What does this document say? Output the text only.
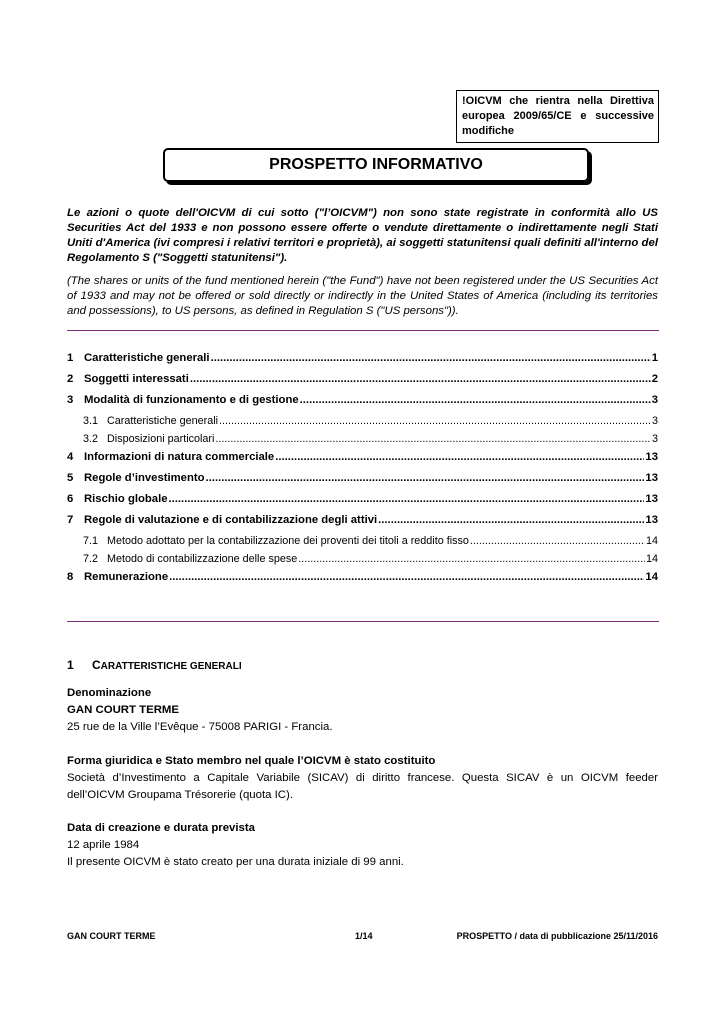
!OICVM che rientra nella Direttiva europea 2009/65/CE e successive modifiche
PROSPETTO INFORMATIVO
Le azioni o quote dell'OICVM di cui sotto ("l’OICVM") non sono state registrate in conformità allo US Securities Act del 1933 e non possono essere offerte o vendute direttamente o indirettamente negli Stati Uniti d'America (ivi compresi i relativi territori e proprietà), ai soggetti statunitensi quali definiti all'interno del Regolamento S ("Soggetti statunitensi").
(The shares or units of the fund mentioned herein ("the Fund") have not been registered under the US Securities Act of 1933 and may not be offered or sold directly or indirectly in the United States of America (including its territories and possessions), to US persons, as defined in Regulation S ("US persons")).
1 Caratteristiche generali .....	1
2 Soggetti interessati .....	2
3 Modalità di funzionamento e di gestione .....	3
3.1 Caratteristiche generali .....	3
3.2 Disposizioni particolari .....	3
4 Informazioni di natura commerciale .....	13
5 Regole d’investimento .....	13
6 Rischio globale .....	13
7 Regole di valutazione e di contabilizzazione degli attivi .....	13
7.1 Metodo adottato per la contabilizzazione dei proventi dei titoli a reddito fisso .....	14
7.2 Metodo di contabilizzazione delle spese .....	14
8 Remunerazione .....	14
1 CARATTERISTICHE GENERALI
Denominazione
GAN COURT TERME
25 rue de la Ville l’Evêque - 75008 PARIGI - Francia.
Forma giuridica e Stato membro nel quale l’OICVM è stato costituito
Società d’Investimento a Capitale Variabile (SICAV) di diritto francese. Questa SICAV è un OICVM feeder dell’OICVM Groupama Trésorerie (quota IC).
Data di creazione e durata prevista
12 aprile 1984
Il presente OICVM è stato creato per una durata iniziale di 99 anni.
GAN COURT TERME	1/14	PROSPETTO / data di pubblicazione 25/11/2016
